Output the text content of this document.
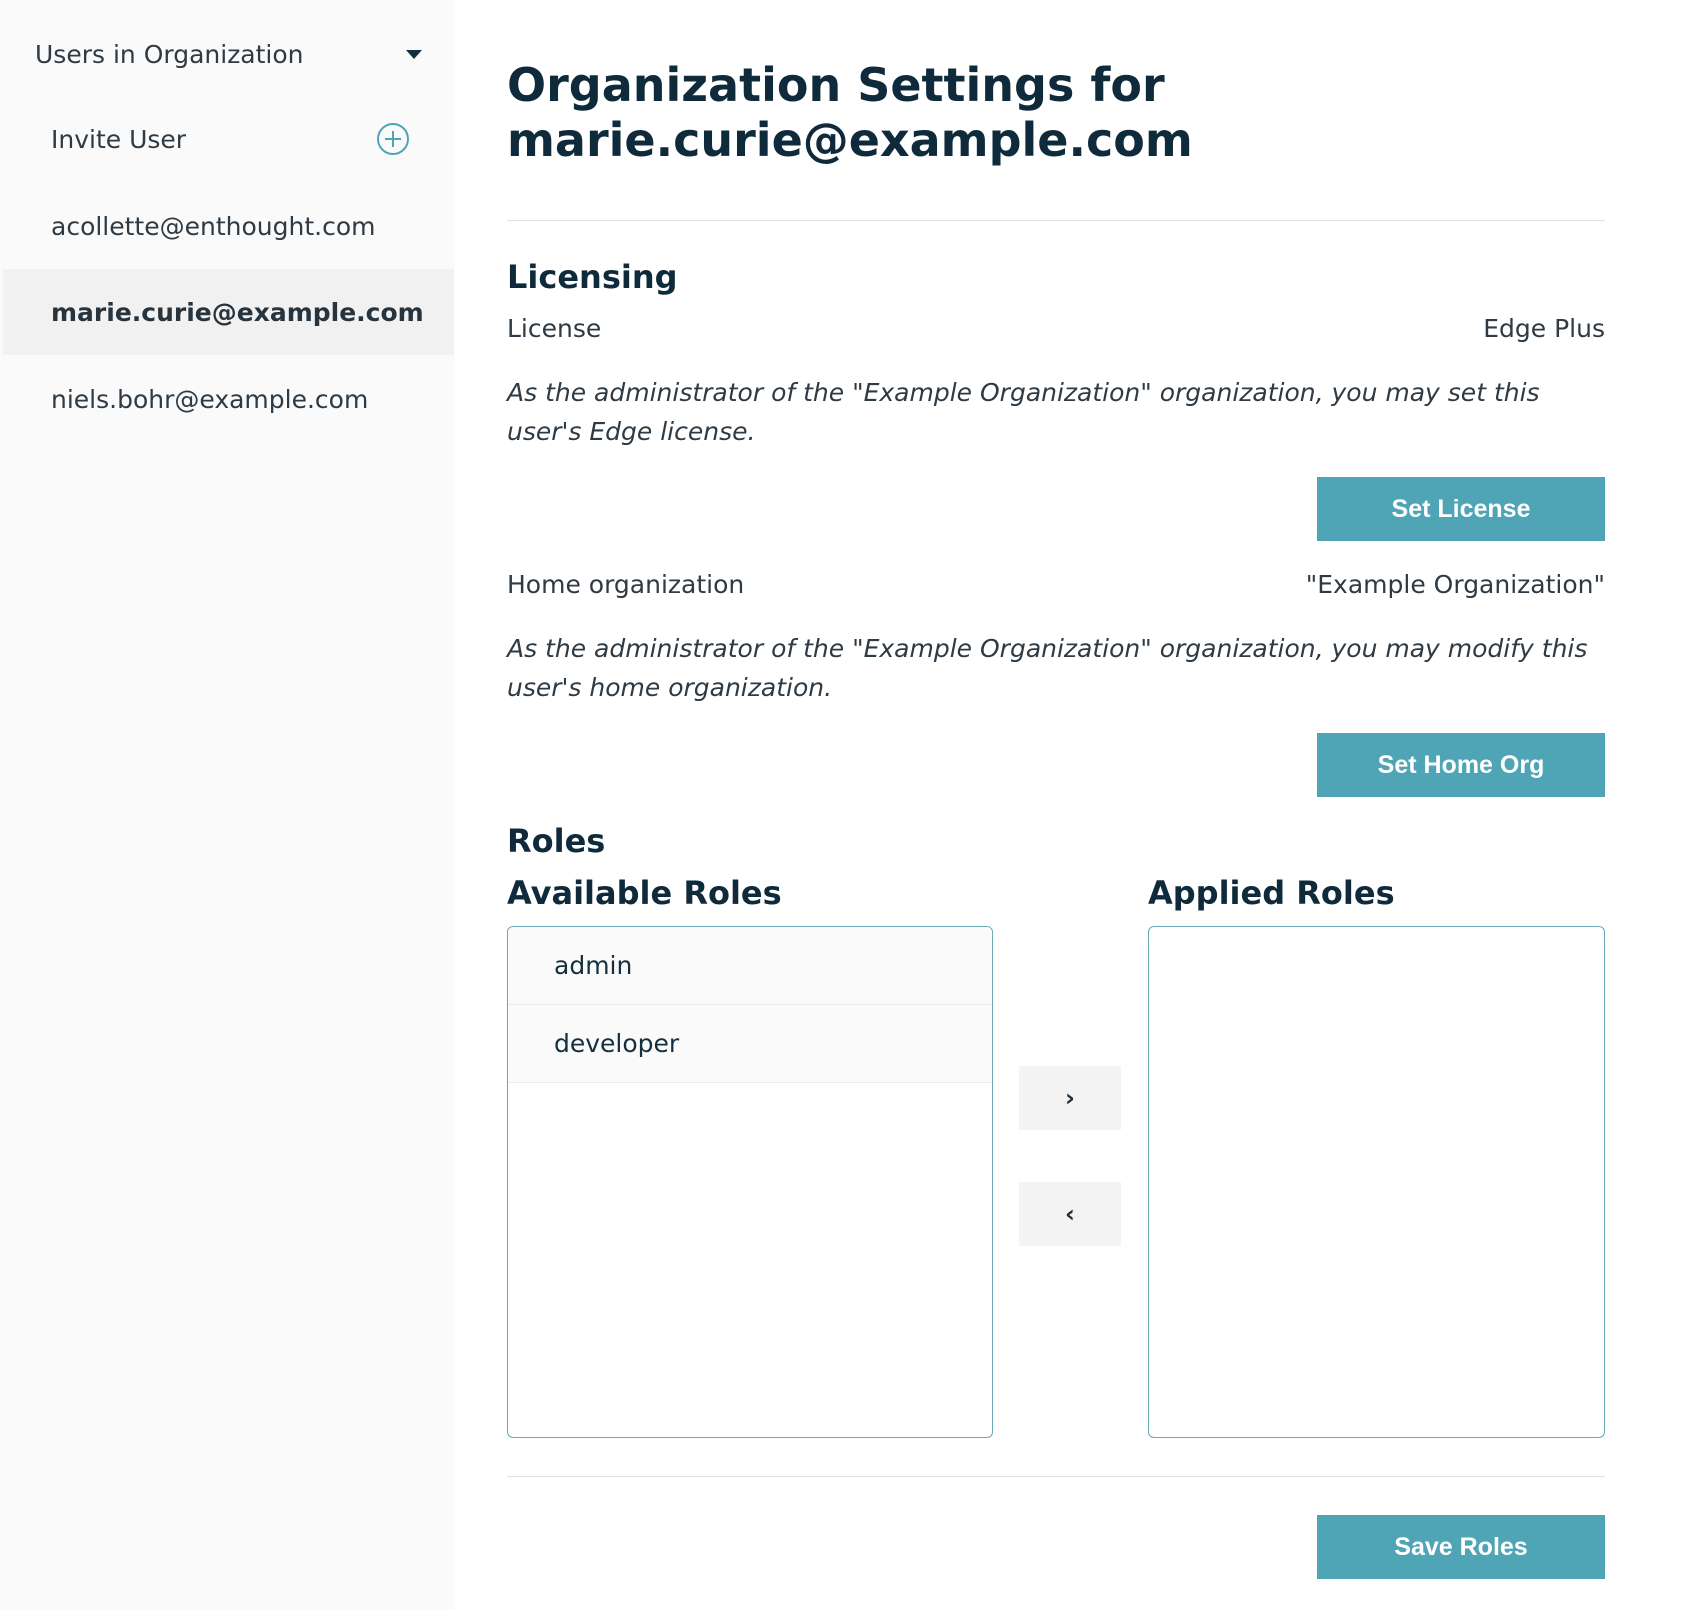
Users in Organization
Invite User
acollette@enthought.com
marie.curie@example.com
niels.bohr@example.com
Organization Settings for marie.curie@example.com
Licensing
License	Edge Plus

As the administrator of the "Example Organization" organization, you may set this user's Edge license.

Set License
Home organization	"Example Organization"

As the administrator of the "Example Organization" organization, you may modify this user's home organization.

Set Home Org
Roles
Available Roles	Applied Roles
admin
developer
›
‹
Save Roles
